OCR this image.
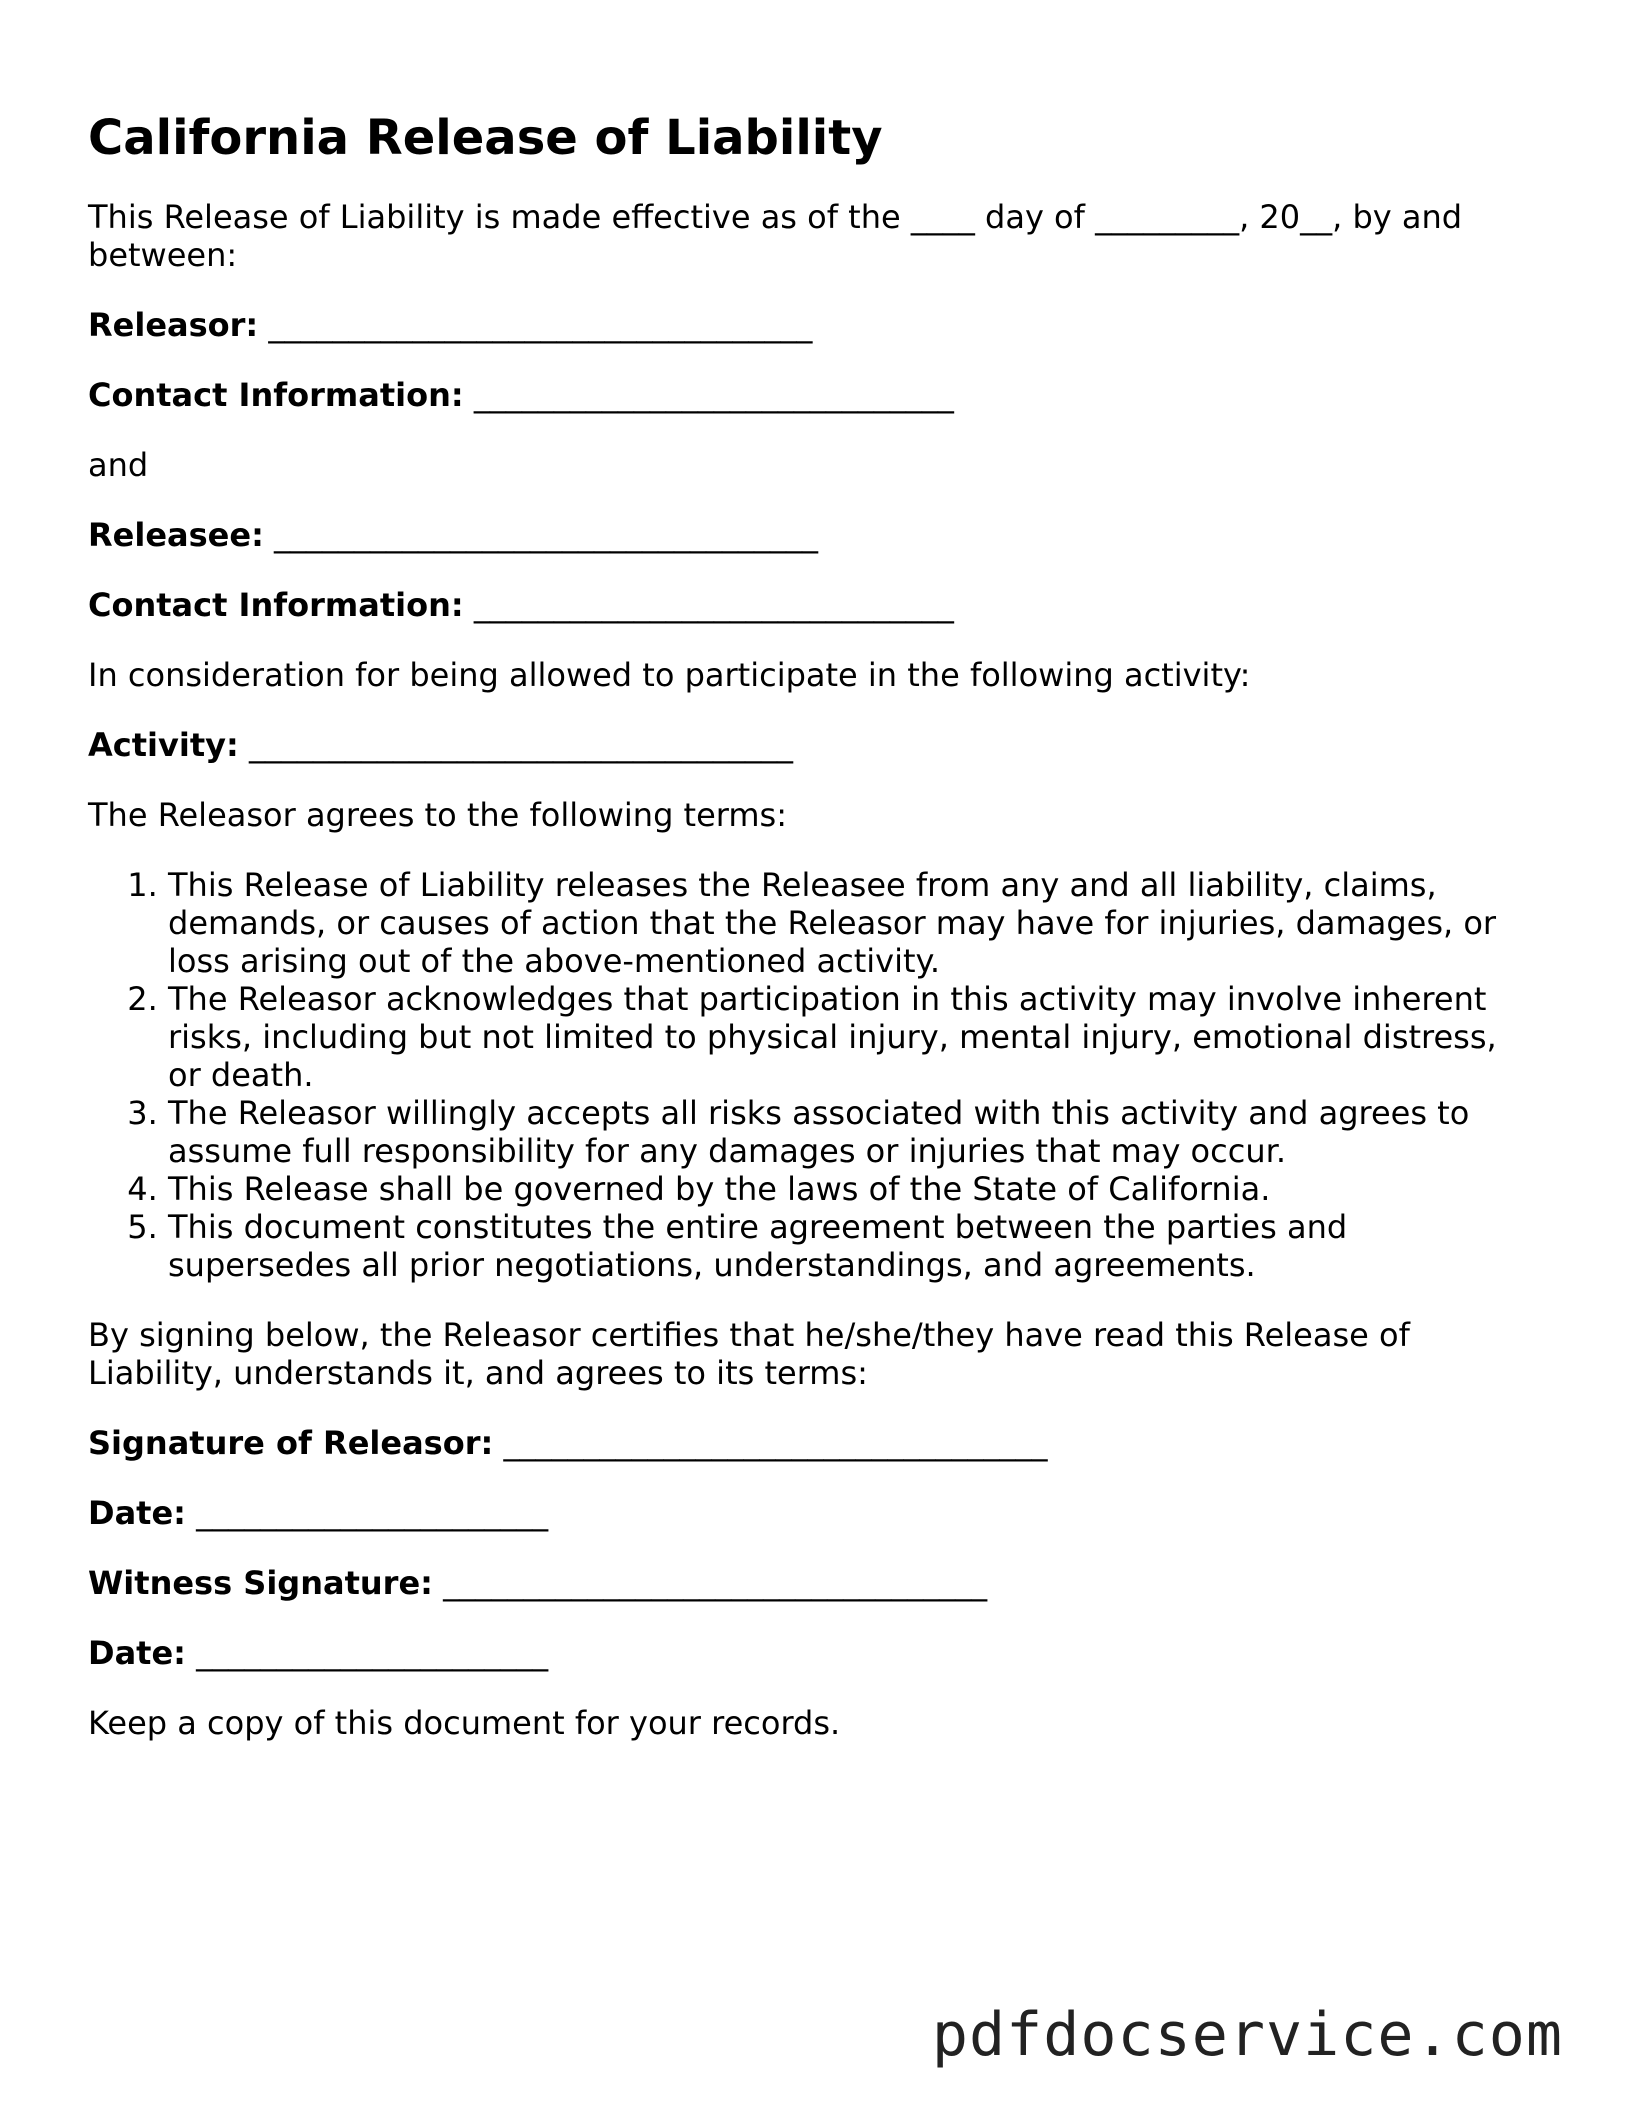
California Release of Liability

This Release of Liability is made effective as of the ____ day of _________, 20__, by and between:

Releasor: __________________________________
Contact Information: ______________________________

and

Releasee: __________________________________
Contact Information: ______________________________

In consideration for being allowed to participate in the following activity:

Activity: __________________________________

The Releasor agrees to the following terms:

1. This Release of Liability releases the Releasee from any and all liability, claims, demands, or causes of action that the Releasor may have for injuries, damages, or loss arising out of the above-mentioned activity.
2. The Releasor acknowledges that participation in this activity may involve inherent risks, including but not limited to physical injury, mental injury, emotional distress, or death.
3. The Releasor willingly accepts all risks associated with this activity and agrees to assume full responsibility for any damages or injuries that may occur.
4. This Release shall be governed by the laws of the State of California.
5. This document constitutes the entire agreement between the parties and supersedes all prior negotiations, understandings, and agreements.

By signing below, the Releasor certifies that he/she/they have read this Release of Liability, understands it, and agrees to its terms:

Signature of Releasor: __________________________________
Date: ______________________
Witness Signature: __________________________________
Date: ______________________

Keep a copy of this document for your records.

pdfdocservice.com
